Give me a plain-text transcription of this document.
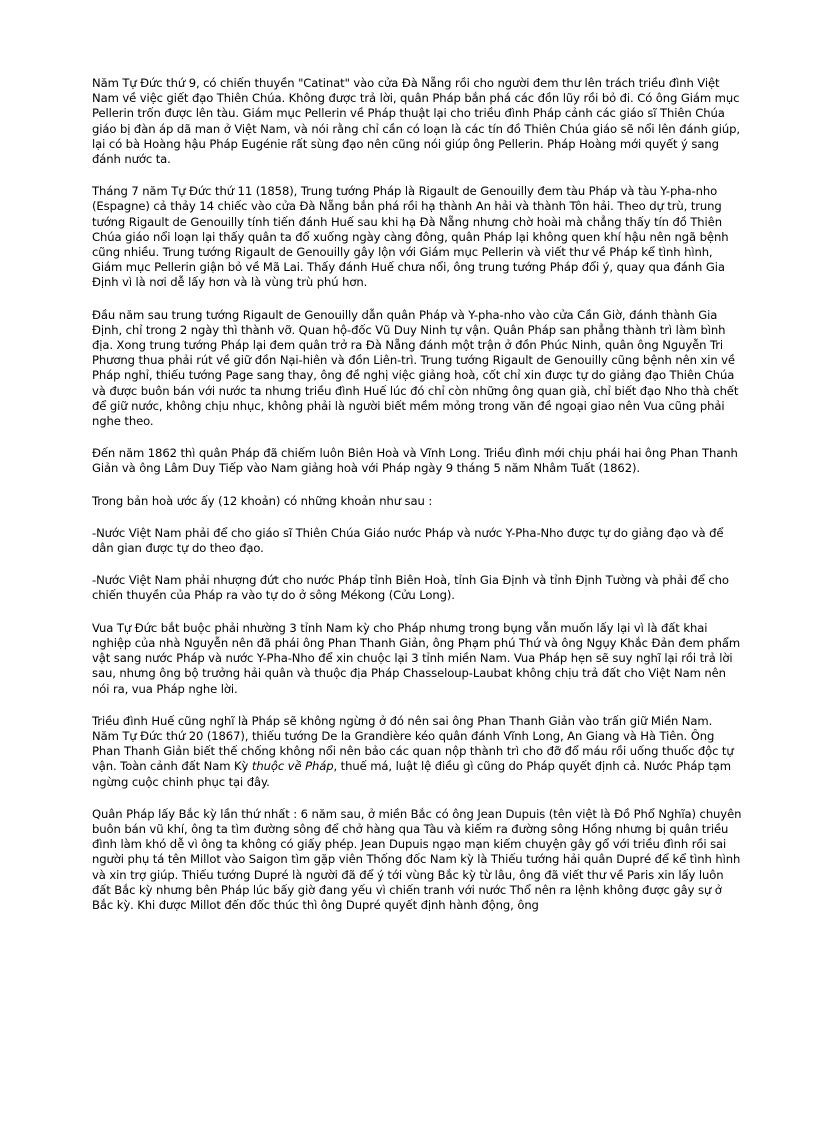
Năm Tự Đức thứ 9, có chiến thuyền "Catinat" vào cửa Đà Nẵng rồi cho người đem thư lên trách triều đình Việt Nam về việc giết đạo Thiên Chúa. Không được trả lời, quân Pháp bắn phá các đồn lũy rồi bỏ đi. Có ông Giám mục Pellerin trốn được lên tàu. Giám mục Pellerin về Pháp thuật lại cho triều đình Pháp cảnh các giáo sĩ Thiên Chúa giáo bị đàn áp dã man ở Việt Nam, và nói rằng chỉ cần có loạn là các tín đồ Thiên Chúa giáo sẽ nổi lên đánh giúp, lại có bà Hoàng hậu Pháp Eugénie rất sùng đạo nên cũng nói giúp ông Pellerin. Pháp Hoàng mới quyết ý sang đánh nước ta.

Tháng 7 năm Tự Đức thứ 11 (1858), Trung tướng Pháp là Rigault de Genouilly đem tàu Pháp và tàu Y-pha-nho (Espagne) cả thảy 14 chiếc vào cửa Đà Nẵng bắn phá rồi hạ thành An hải và thành Tôn hải. Theo dự trù, trung tướng Rigault de Genouilly tính tiến đánh Huế sau khi hạ Đà Nẵng nhưng chờ hoài mà chẳng thấy tín đồ Thiên Chúa giáo nổi loạn lại thấy quân ta đổ xuống ngày càng đông, quân Pháp lại không quen khí hậu nên ngã bệnh cũng nhiều. Trung tướng Rigault de Genouilly gây lộn với Giám mục Pellerin và viết thư về Pháp kể tình hình, Giám mục Pellerin giận bỏ về Mã Lai. Thấy đánh Huế chưa nổi, ông trung tướng Pháp đổi ý, quay qua đánh Gia Định vì là nơi dễ lấy hơn và là vùng trù phú hơn.

Đầu năm sau trung tướng Rigault de Genouilly dẫn quân Pháp và Y-pha-nho vào cửa Cần Giờ, đánh thành Gia Định, chỉ trong 2 ngày thì thành vỡ. Quan hộ-đốc Vũ Duy Ninh tự vận. Quân Pháp san phẳng thành trì làm bình địa. Xong trung tướng Pháp lại đem quân trở ra Đà Nẵng đánh một trận ở đồn Phúc Ninh, quân ông Nguyễn Tri Phương thua phải rút về giữ đồn Nại-hiên và đồn Liên-trì. Trung tướng Rigault de Genouilly cũng bệnh nên xin về Pháp nghỉ, thiếu tướng Page sang thay, ông đề nghị việc giảng hoà, cốt chỉ xin được tự do giảng đạo Thiên Chúa và được buôn bán với nước ta nhưng triều đình Huế lúc đó chỉ còn những ông quan già, chỉ biết đạo Nho thà chết để giữ nước, không chịu nhục, không phải là người biết mềm mỏng trong văn đề ngoại giao nên Vua cũng phải nghe theo.

Đến năm 1862 thì quân Pháp đã chiếm luôn Biên Hoà và Vĩnh Long. Triều đình mới chịu phái hai ông Phan Thanh Giản và ông Lâm Duy Tiếp vào Nam giảng hoà với Pháp ngày 9 tháng 5 năm Nhâm Tuất (1862).

Trong bản hoà ước ấy (12 khoản) có những khoản như sau :

-Nước Việt Nam phải để cho giáo sĩ Thiên Chúa Giáo nước Pháp và nước Y-Pha-Nho được tự do giảng đạo và để dân gian được tự do theo đạo.

-Nước Việt Nam phải nhượng đứt cho nước Pháp tỉnh Biên Hoà, tỉnh Gia Định và tỉnh Định Tường và phải để cho chiến thuyền của Pháp ra vào tự do ở sông Mékong (Cửu Long).

Vua Tự Đức bắt buộc phải nhường 3 tỉnh Nam kỳ cho Pháp nhưng trong bụng vẫn muốn lấy lại vì là đất khai nghiệp của nhà Nguyễn nên đã phái ông Phan Thanh Giản, ông Phạm phú Thứ và ông Ngụy Khắc Đản đem phẩm vật sang nước Pháp và nước Y-Pha-Nho để xin chuộc lại 3 tỉnh miền Nam. Vua Pháp hẹn sẽ suy nghĩ lại rồi trả lời sau, nhưng ông bộ trưởng hải quân và thuộc địa Pháp Chasseloup-Laubat không chịu trả đất cho Việt Nam nên nói ra, vua Pháp nghe lời.

Triều đình Huế cũng nghĩ là Pháp sẽ không ngừng ở đó nên sai ông Phan Thanh Giản vào trấn giữ Miền Nam. Năm Tự Đức thứ 20 (1867), thiếu tướng De la Grandière kéo quân đánh Vĩnh Long, An Giang và Hà Tiên. Ông Phan Thanh Giản biết thế chống không nổi nên bảo các quan nộp thành trì cho đỡ đổ máu rồi uống thuốc độc tự vận. Toàn cảnh đất Nam Kỳ thuộc về Pháp, thuế má, luật lệ điều gì cũng do Pháp quyết định cả. Nước Pháp tạm ngừng cuộc chinh phục tại đây.

Quân Pháp lấy Bắc kỳ lần thứ nhất : 6 năm sau, ở miền Bắc có ông Jean Dupuis (tên việt là Đồ Phổ Nghĩa) chuyên buôn bán vũ khí, ông ta tìm đường sông để chở hàng qua Tàu và kiếm ra đường sông Hồng nhưng bị quân triều đình làm khó dễ vì ông ta không có giấy phép. Jean Dupuis ngạo mạn kiếm chuyện gây gổ với triều đình rồi sai người phụ tá tên Millot vào Saigon tìm gặp viên Thống đốc Nam kỳ là Thiếu tướng hải quân Dupré để kể tình hình và xin trợ giúp. Thiếu tướng Dupré là người đã để ý tới vùng Bắc kỳ từ lâu, ông đã viết thư về Paris xin lấy luôn đất Bắc kỳ nhưng bên Pháp lúc bấy giờ đang yếu vì chiến tranh với nước Thổ nên ra lệnh không được gây sự ở Bắc kỳ. Khi được Millot đến đốc thúc thì ông Dupré quyết định hành động, ông
